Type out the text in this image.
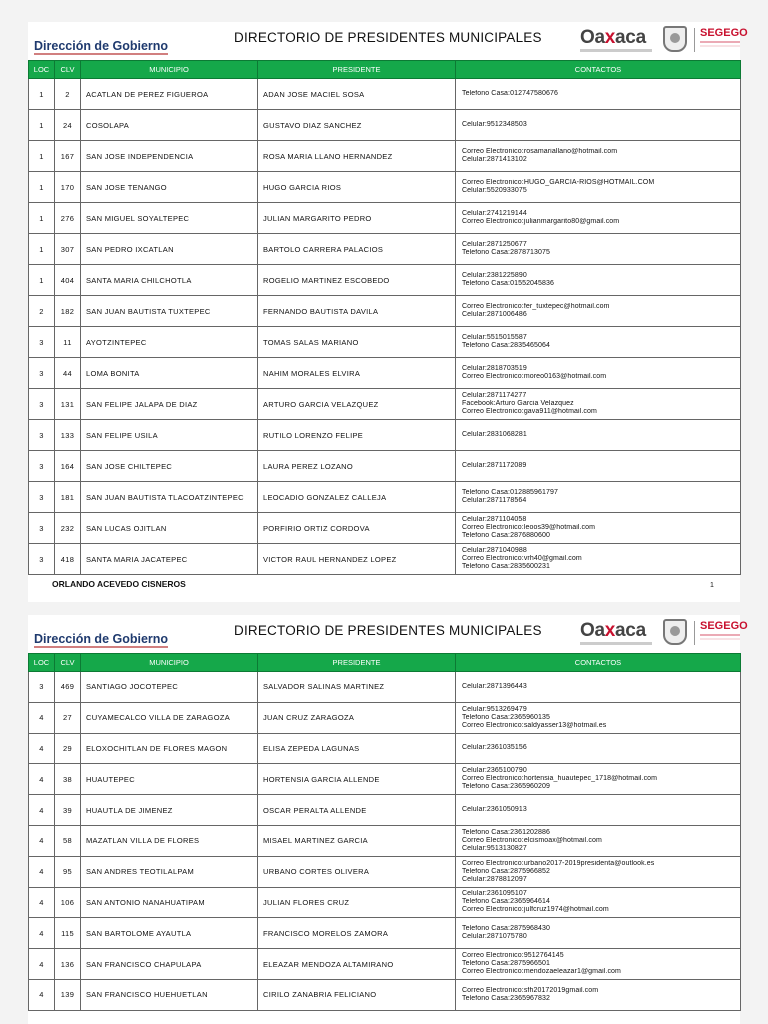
Dirección de Gobierno
DIRECTORIO DE PRESIDENTES MUNICIPALES Oaxaca	SEGEGO
LOC	CLV	MUNICIPIO	PRESIDENTE	CONTACTOS
1	2	ACATLAN DE PEREZ FIGUEROA	ADAN JOSE MACIEL SOSA	Telefono Casa:012747580676

1	24	COSOLAPA	GUSTAVO DIAZ SANCHEZ	Celular:9512348503

1	167	SAN JOSE INDEPENDENCIA	ROSA MARIA LLANO HERNANDEZ	Correo Electronico:rosamariallano@hotmail.com
Celular:2871413102

1	170	SAN JOSE TENANGO	HUGO GARCIA RIOS	Correo Electronico:HUGO_GARCIA-RIOS@HOTMAIL.COM
Celular:5520933075

1	276	SAN MIGUEL SOYALTEPEC	JULIAN MARGARITO PEDRO	Celular:2741219144
Correo Electronico:julianmargarito80@gmail.com

1	307	SAN PEDRO IXCATLAN	BARTOLO CARRERA PALACIOS	Celular:2871250677
Telefono Casa:2878713075

1	404	SANTA MARIA CHILCHOTLA	ROGELIO MARTINEZ ESCOBEDO	Celular:2381225890
Telefono Casa:01552045836

2	182	SAN JUAN BAUTISTA TUXTEPEC	FERNANDO BAUTISTA DAVILA	Correo Electronico:fer_tuxtepec@hotmail.com
Celular:2871006486

3	11	AYOTZINTEPEC	TOMAS SALAS MARIANO	Celular:5515015587
Telefono Casa:2835465064

3	44	LOMA BONITA	NAHIM MORALES ELVIRA	Celular:2818703519
Correo Electronico:moreo0163@hotmail.com

3	131	SAN FELIPE JALAPA DE DIAZ	ARTURO GARCIA VELAZQUEZ	Celular:2871174277
Facebook:Arturo Garcia Velazquez
Correo Electronico:gava911@hotmail.com

3	133	SAN FELIPE USILA	RUTILO LORENZO FELIPE	Celular:2831068281

3	164	SAN JOSE CHILTEPEC	LAURA PEREZ LOZANO	Celular:2871172089

3	181	SAN JUAN BAUTISTA TLACOATZINTEPEC	LEOCADIO GONZALEZ CALLEJA	Telefono Casa:012885961797
Celular:2871178564

3	232	SAN LUCAS OJITLAN	PORFIRIO ORTIZ CORDOVA	Celular:2871104058
Correo Electronico:leoos39@hotmail.com
Telefono Casa:2876880600

3	418	SANTA MARIA JACATEPEC	VICTOR RAUL HERNANDEZ LOPEZ	Celular:2871040988
Correo Electronico:vrh40@gmail.com
Telefono Casa:2835600231
ORLANDO ACEVEDO CISNEROS	1
Dirección de Gobierno
DIRECTORIO DE PRESIDENTES MUNICIPALES Oaxaca	SEGEGO
LOC	CLV	MUNICIPIO	PRESIDENTE	CONTACTOS
3	469	SANTIAGO JOCOTEPEC	SALVADOR SALINAS MARTINEZ	Celular:2871396443

4	27	CUYAMECALCO VILLA DE ZARAGOZA	JUAN CRUZ ZARAGOZA	Celular:9513269479
Telefono Casa:2365960135
Correo Electronico:saldyasser13@hotmail.es

4	29	ELOXOCHITLAN DE FLORES MAGON	ELISA ZEPEDA LAGUNAS	Celular:2361035156

4	38	HUAUTEPEC	HORTENSIA GARCIA ALLENDE	Celular:2365100790
Correo Electronico:hortensia_huautepec_1718@hotmail.com
Telefono Casa:2365960209

4	39	HUAUTLA DE JIMENEZ	OSCAR PERALTA ALLENDE	Celular:2361050913

4	58	MAZATLAN VILLA DE FLORES	MISAEL MARTINEZ GARCIA	Telefono Casa:2361202886
Correo Electronico:elcismoax@hotmail.com
Celular:9513130827

4	95	SAN ANDRES TEOTILALPAM	URBANO CORTES OLIVERA	Correo Electronico:urbano2017-2019presidenta@outlook.es
Telefono Casa:2875966852
Celular:2878812097

4	106	SAN ANTONIO NANAHUATIPAM	JULIAN FLORES CRUZ	Celular:2361095107
Telefono Casa:2365964614
Correo Electronico:julfcruz1974@hotmail.com

4	115	SAN BARTOLOME AYAUTLA	FRANCISCO MORELOS ZAMORA	Telefono Casa:2875968430
Celular:2871075780

4	136	SAN FRANCISCO CHAPULAPA	ELEAZAR MENDOZA ALTAMIRANO	Correo Electronico:9512764145
Telefono Casa:2875966501
Correo Electronico:mendozaeleazar1@gmail.com

4	139	SAN FRANCISCO HUEHUETLAN	CIRILO ZANABRIA FELICIANO	Correo Electronico:sfh20172019gmail.com
Telefono Casa:2365967832
